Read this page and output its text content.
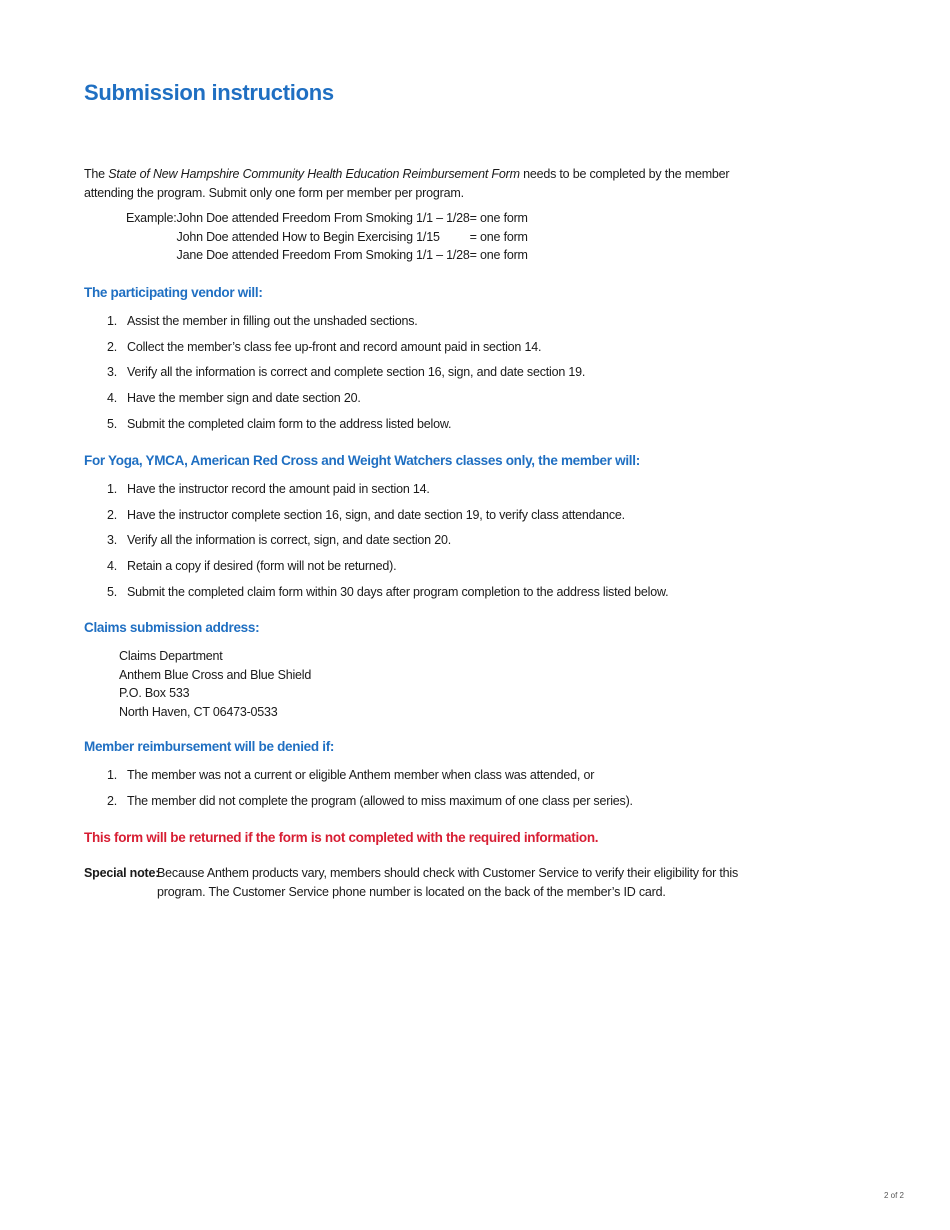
Submission instructions

The State of New Hampshire Community Health Education Reimbursement Form needs to be completed by the member attending the program. Submit only one form per member per program.

Example:	John Doe attended Freedom From Smoking 1/1 – 1/28	= one form
	John Doe attended How to Begin Exercising 1/15	= one form
	Jane Doe attended Freedom From Smoking 1/1 – 1/28	= one form
The participating vendor will:
1. Assist the member in filling out the unshaded sections.
2. Collect the member’s class fee up-front and record amount paid in section 14.
3. Verify all the information is correct and complete section 16, sign, and date section 19.
4. Have the member sign and date section 20.
5. Submit the completed claim form to the address listed below.
For Yoga, YMCA, American Red Cross and Weight Watchers classes only, the member will:
1. Have the instructor record the amount paid in section 14.
2. Have the instructor complete section 16, sign, and date section 19, to verify class attendance.
3. Verify all the information is correct, sign, and date section 20.
4. Retain a copy if desired (form will not be returned).
5. Submit the completed claim form within 30 days after program completion to the address listed below.
Claims submission address:
Claims Department
Anthem Blue Cross and Blue Shield
P.O. Box 533
North Haven, CT 06473-0533
Member reimbursement will be denied if:
1. The member was not a current or eligible Anthem member when class was attended, or
2. The member did not complete the program (allowed to miss maximum of one class per series).
This form will be returned if the form is not completed with the required information.
Special note:
Because Anthem products vary, members should check with Customer Service to verify their eligibility for this program. The Customer Service phone number is located on the back of the member’s ID card.
2 of 2
